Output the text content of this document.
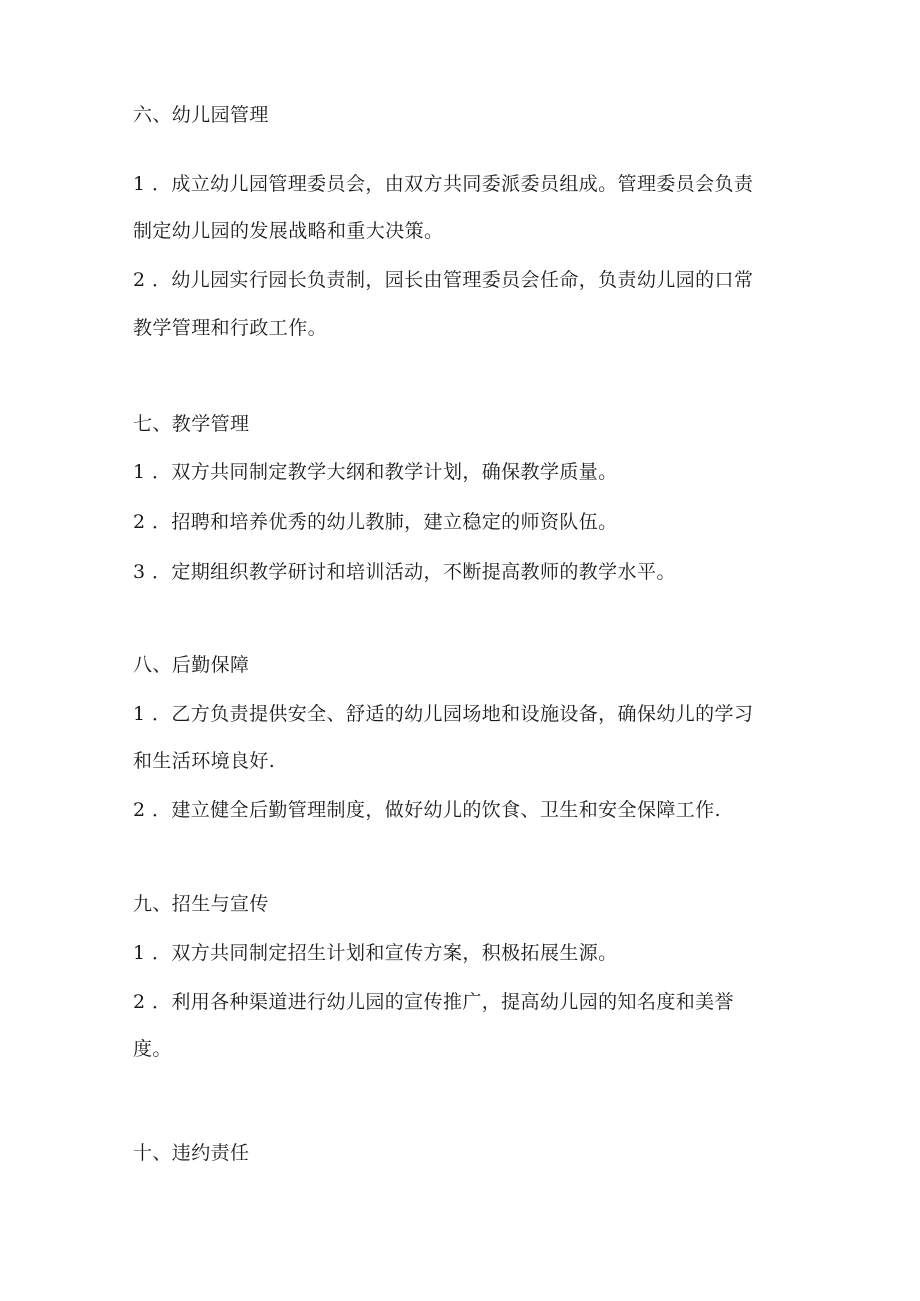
六、幼儿园管理
1 ．成立幼儿园管理委员会，由双方共同委派委员组成。管理委员会负责
制定幼儿园的发展战略和重大决策。
2 ．幼儿园实行园长负责制，园长由管理委员会任命，负责幼儿园的口常
教学管理和行政工作。
七、教学管理
1 ．双方共同制定教学大纲和教学计划，确保教学质量。
2 ．招聘和培养优秀的幼儿教肺，建立稳定的师资队伍。
3 ．定期组织教学研讨和培训活动，不断提高教师的教学水平。
八、后勤保障
1 ．乙方负责提供安全、舒适的幼儿园场地和设施设备，确保幼儿的学习
和生活环境良好.
2 ．建立健全后勤管理制度，做好幼儿的饮食、卫生和安全保障工作.
九、招生与宣传
1 ．双方共同制定招生计划和宣传方案，积极拓展生源。
2 ．利用各种渠道进行幼儿园的宣传推广，提高幼儿园的知名度和美誉
度。
十、违约责任
